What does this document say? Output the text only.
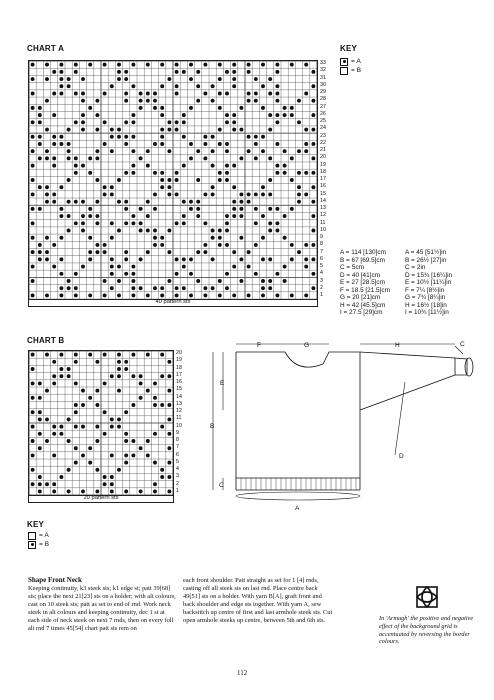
CHART A
33
32
31
30
29
28
27
26
25
24
23
22
21
20
19
18
17
16
15
14
13
12
11
10
9
8
7
6
5
4
3
2
1
40 pattern sts
KEY
= A
= B
A = 114 [130]cm
B = 67 [69.5]cm
C = 5cm
D = 40 [41]cm
E = 27 [28.5]cm
F = 18.5 [21.5]cm
G = 20 [21]cm
H = 42 [45.5]cm
I = 27.5 [29]cm
A = 45 [51½]in
B = 26½ [27]in
C = 2in
D = 15¾ [16¼]in
E = 10½ [11¼]in
F = 7¼ [8½]in
G = 7¾ [8¼]in
H = 16½ [18]in
I = 10¾ [11½]in
CHART B
20
19
18
17
16
15
14
13
12
11
10
9
8
7
6
5
4
3
2
1
20 pattern sts
KEY
= A
= B
F	G	H	C
E
B
D
C
A
Shape Front Neck
Keeping continuity, k3 steek sts; k1 edge st; patt 39[68] sts; place the next 21[23] sts on a holder; with alt colours, cast on 10 steek sts; patt as set to end of rnd. Work neck steek in alt colours and keeping continuity, dec 1 st at each side of neck steek on next 7 rnds, then on every foll alt rnd 7 times 45[54] chart patt sts rem on
each front shoulder. Patt straight as set for 1 [4] rnds, casting off all steek sts on last rnd. Place centre back 49[51] sts on a holder. With yarn B[A], graft front and back shoulder and edge sts together. With yarn A, sew backstitch up centre of first and last armhole steek sts. Cut open armhole steeks up centre, between 5th and 6th sts.	In 'Armagh' the positive and negative effect of the background grid is accentuated by reversing the border colours.
112
